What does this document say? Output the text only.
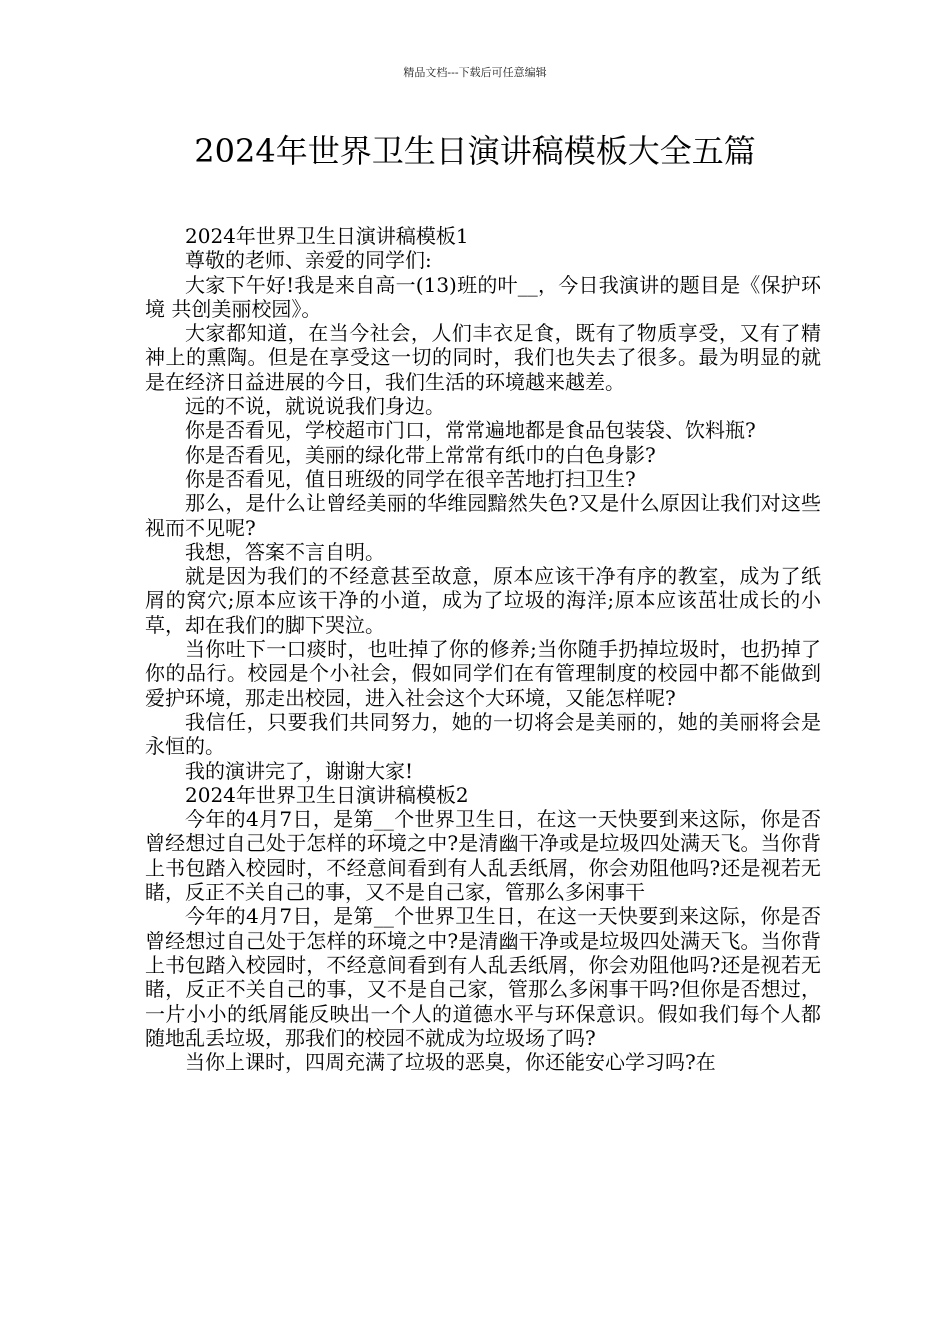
精品文档---下载后可任意编辑
2024年世界卫生日演讲稿模板大全五篇

2024年世界卫生日演讲稿模板1

尊敬的老师、亲爱的同学们:

大家下午好!我是来自高一(13)班的叶__，今日我演讲的题目是《保护环境 共创美丽校园》。

大家都知道，在当今社会，人们丰衣足食，既有了物质享受，又有了精神上的熏陶。但是在享受这一切的同时，我们也失去了很多。最为明显的就是在经济日益进展的今日，我们生活的环境越来越差。

远的不说，就说说我们身边。

你是否看见，学校超市门口，常常遍地都是食品包装袋、饮料瓶?

你是否看见，美丽的绿化带上常常有纸巾的白色身影?

你是否看见，值日班级的同学在很辛苦地打扫卫生?

那么，是什么让曾经美丽的华维园黯然失色?又是什么原因让我们对这些视而不见呢?

我想，答案不言自明。

就是因为我们的不经意甚至故意，原本应该干净有序的教室，成为了纸屑的窝穴;原本应该干净的小道，成为了垃圾的海洋;原本应该茁壮成长的小草，却在我们的脚下哭泣。

当你吐下一口痰时，也吐掉了你的修养;当你随手扔掉垃圾时，也扔掉了你的品行。校园是个小社会，假如同学们在有管理制度的校园中都不能做到爱护环境，那走出校园，进入社会这个大环境，又能怎样呢?

我信任，只要我们共同努力，她的一切将会是美丽的，她的美丽将会是永恒的。

我的演讲完了，谢谢大家!

2024年世界卫生日演讲稿模板2

今年的4月7日，是第__个世界卫生日，在这一天快要到来这际，你是否曾经想过自己处于怎样的环境之中?是清幽干净或是垃圾四处满天飞。当你背上书包踏入校园时，不经意间看到有人乱丢纸屑，你会劝阻他吗?还是视若无睹，反正不关自己的事，又不是自己家，管那么多闲事干

今年的4月7日，是第__个世界卫生日，在这一天快要到来这际，你是否曾经想过自己处于怎样的环境之中?是清幽干净或是垃圾四处满天飞。当你背上书包踏入校园时，不经意间看到有人乱丢纸屑，你会劝阻他吗?还是视若无睹，反正不关自己的事，又不是自己家，管那么多闲事干吗?但你是否想过，一片小小的纸屑能反映出一个人的道德水平与环保意识。假如我们每个人都随地乱丢垃圾，那我们的校园不就成为垃圾场了吗?

当你上课时，四周充满了垃圾的恶臭，你还能安心学习吗?在
